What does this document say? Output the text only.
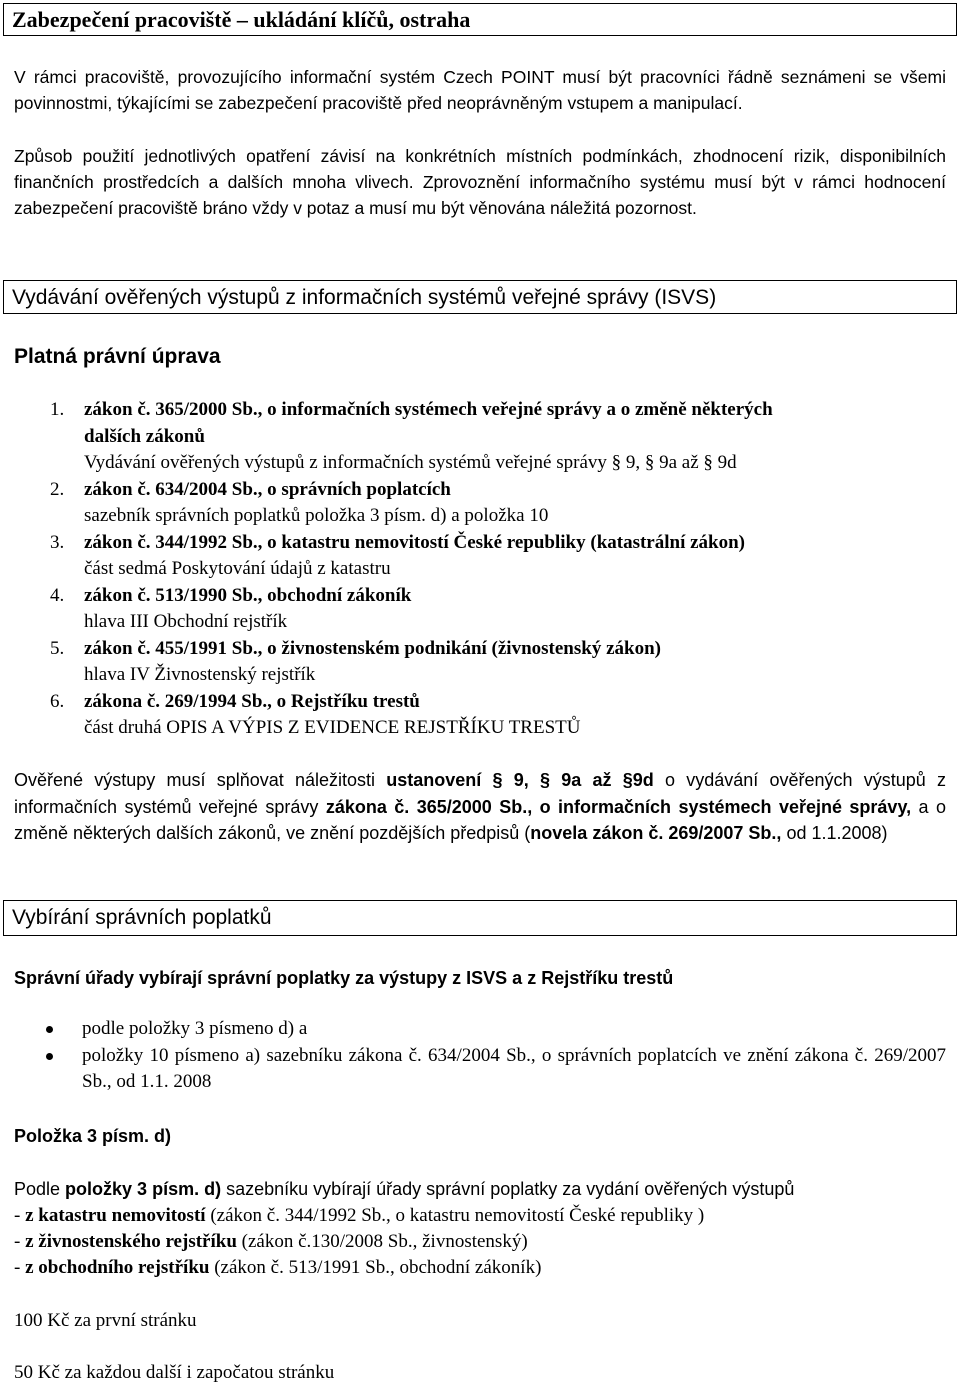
Zabezpečení pracoviště – ukládání klíčů, ostraha
V rámci pracoviště, provozujícího informační systém Czech POINT musí být pracovníci řádně seznámeni se všemi povinnostmi, týkajícími se zabezpečení pracoviště před neoprávněným vstupem a manipulací.
Způsob použití jednotlivých opatření závisí na konkrétních místních podmínkách, zhodnocení rizik, disponibilních finančních prostředcích a dalších mnoha vlivech. Zprovoznění informačního systému musí být v rámci hodnocení zabezpečení pracoviště bráno vždy v potaz a musí mu být věnována náležitá pozornost.
Vydávání ověřených výstupů z informačních systémů veřejné správy (ISVS)
Platná právní úprava
1. zákon č. 365/2000 Sb., o informačních systémech veřejné správy a o změně některých
dalších zákonů
Vydávání ověřených výstupů z informačních systémů veřejné správy § 9, § 9a až § 9d
2. zákon č. 634/2004 Sb., o správních poplatcích
sazebník správních poplatků položka 3 písm. d) a položka 10
3. zákon č. 344/1992 Sb., o katastru nemovitostí České republiky (katastrální zákon)
část sedmá Poskytování údajů z katastru
4. zákon č. 513/1990 Sb., obchodní zákoník
hlava III Obchodní rejstřík
5. zákon č. 455/1991 Sb., o živnostenském podnikání (živnostenský zákon)
hlava IV Živnostenský rejstřík
6. zákona č. 269/1994 Sb., o Rejstříku trestů
část druhá OPIS A VÝPIS Z EVIDENCE REJSTŘÍKU TRESTŮ
Ověřené výstupy musí splňovat náležitosti ustanovení § 9, § 9a až §9d o vydávání ověřených výstupů z informačních systémů veřejné správy zákona č. 365/2000 Sb., o informačních systémech veřejné správy, a o změně některých dalších zákonů, ve znění pozdějších předpisů (novela zákon č. 269/2007 Sb., od 1.1.2008)
Vybírání správních poplatků
Správní úřady vybírají správní poplatky za výstupy z ISVS a z Rejstříku trestů
podle položky 3 písmeno d) a
položky 10 písmeno a) sazebníku zákona č. 634/2004 Sb., o správních poplatcích ve znění zákona č. 269/2007 Sb., od 1.1. 2008
Položka 3 písm. d)
Podle položky 3 písm. d) sazebníku vybírají úřady správní poplatky za vydání ověřených výstupů
- z katastru nemovitostí (zákon č. 344/1992 Sb., o katastru nemovitostí České republiky )
- z živnostenského rejstříku (zákon č.130/2008 Sb., živnostenský)
- z obchodního rejstříku (zákon č. 513/1991 Sb., obchodní zákoník)
100 Kč za první stránku
50 Kč za každou další i započatou stránku
